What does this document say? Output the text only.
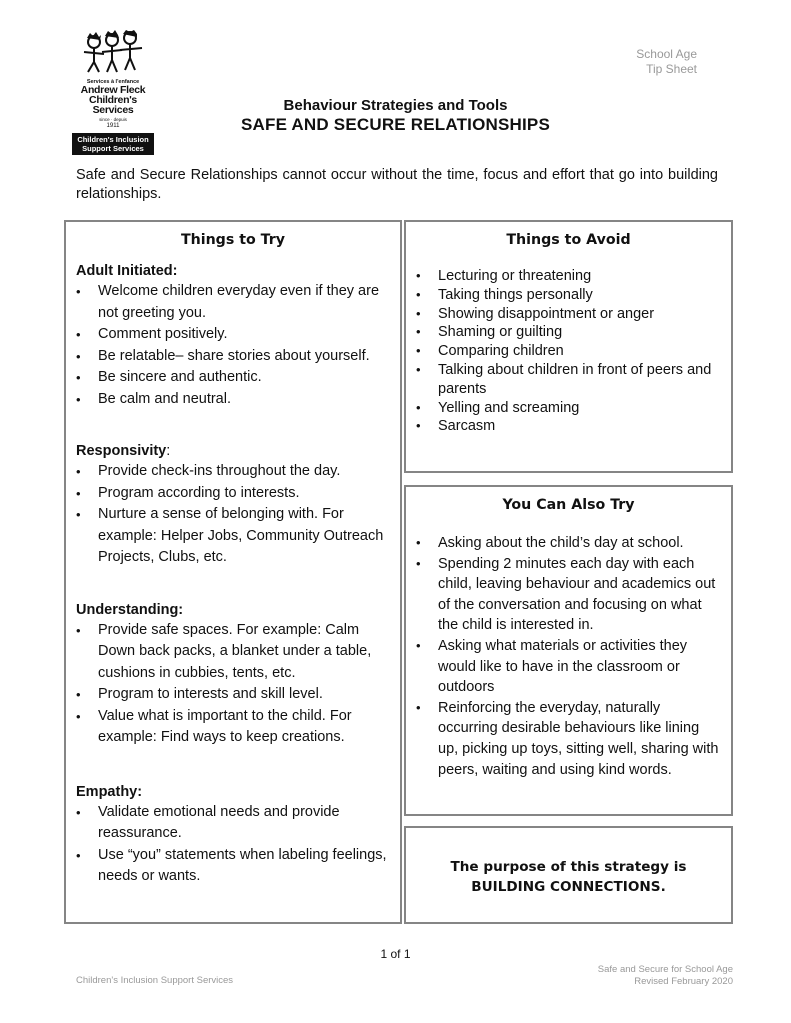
Services à l'enfance
Andrew Fleck
Children's Services
since · depuis
1911
Children's Inclusion
Support Services
School Age
Tip Sheet
Behaviour Strategies and Tools
SAFE AND SECURE RELATIONSHIPS

Safe and Secure Relationships cannot occur without the time, focus and effort that go into building relationships.

Things to Try
Adult Initiated:
• Welcome children everyday even if they are not greeting you.
• Comment positively.
• Be relatable– share stories about yourself.
• Be sincere and authentic.
• Be calm and neutral.
Responsivity:
• Provide check-ins throughout the day.
• Program according to interests.
• Nurture a sense of belonging with. For example: Helper Jobs, Community Outreach Projects, Clubs, etc.
Understanding:
• Provide safe spaces. For example: Calm Down back packs, a blanket under a table, cushions in cubbies, tents, etc.
• Program to interests and skill level.
• Value what is important to the child. For example: Find ways to keep creations.
Empathy:
• Validate emotional needs and provide reassurance.
• Use “you” statements when labeling feelings, needs or wants.
Things to Avoid
• Lecturing or threatening
• Taking things personally
• Showing disappointment or anger
• Shaming or guilting
• Comparing children
• Talking about children in front of peers and parents
• Yelling and screaming
• Sarcasm
You Can Also Try
• Asking about the child’s day at school.
• Spending 2 minutes each day with each child, leaving behaviour and academics out of the conversation and focusing on what the child is interested in.
• Asking what materials or activities they would like to have in the classroom or outdoors
• Reinforcing the everyday, naturally occurring desirable behaviours like lining up, picking up toys, sitting well, sharing with peers, waiting and using kind words.

The purpose of this strategy is
BUILDING CONNECTIONS.

1 of 1
Children's Inclusion Support Services
Safe and Secure for School Age
Revised February 2020
